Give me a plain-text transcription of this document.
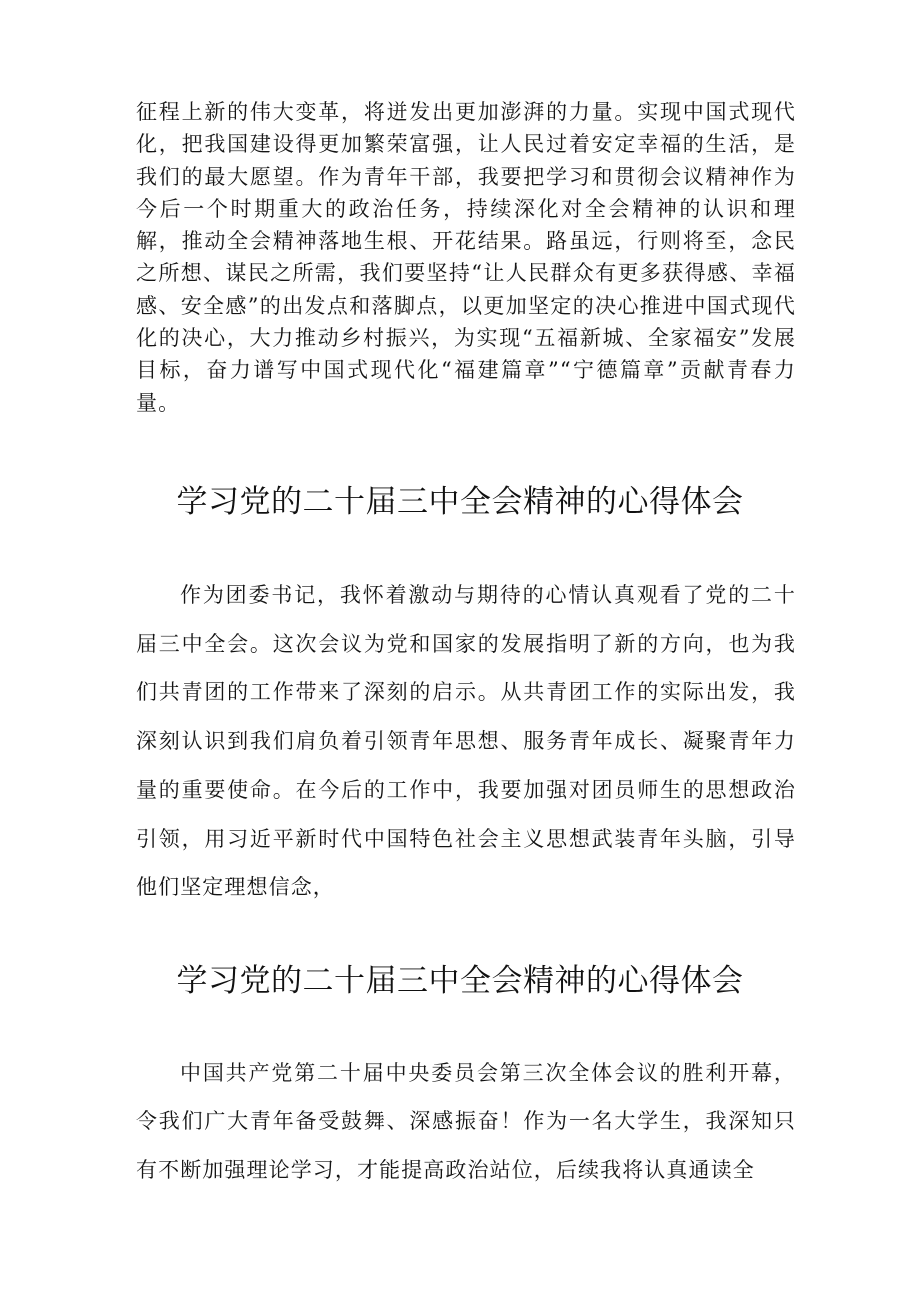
征程上新的伟大变革，将迸发出更加澎湃的力量。实现中国式现代化，把我国建设得更加繁荣富强，让人民过着安定幸福的生活，是我们的最大愿望。作为青年干部，我要把学习和贯彻会议精神作为今后一个时期重大的政治任务，持续深化对全会精神的认识和理解，推动全会精神落地生根、开花结果。路虽远，行则将至，念民之所想、谋民之所需，我们要坚持“让人民群众有更多获得感、幸福感、安全感”的出发点和落脚点，以更加坚定的决心推进中国式现代化的决心，大力推动乡村振兴，为实现“五福新城、全家福安”发展目标，奋力谱写中国式现代化“福建篇章”“宁德篇章”贡献青春力量。

学习党的二十届三中全会精神的心得体会

作为团委书记，我怀着激动与期待的心情认真观看了党的二十届三中全会。这次会议为党和国家的发展指明了新的方向，也为我们共青团的工作带来了深刻的启示。从共青团工作的实际出发，我深刻认识到我们肩负着引领青年思想、服务青年成长、凝聚青年力量的重要使命。在今后的工作中，我要加强对团员师生的思想政治引领，用习近平新时代中国特色社会主义思想武装青年头脑，引导他们坚定理想信念，

学习党的二十届三中全会精神的心得体会

中国共产党第二十届中央委员会第三次全体会议的胜利开幕，令我们广大青年备受鼓舞、深感振奋！作为一名大学生，我深知只有不断加强理论学习，才能提高政治站位，后续我将认真通读全
